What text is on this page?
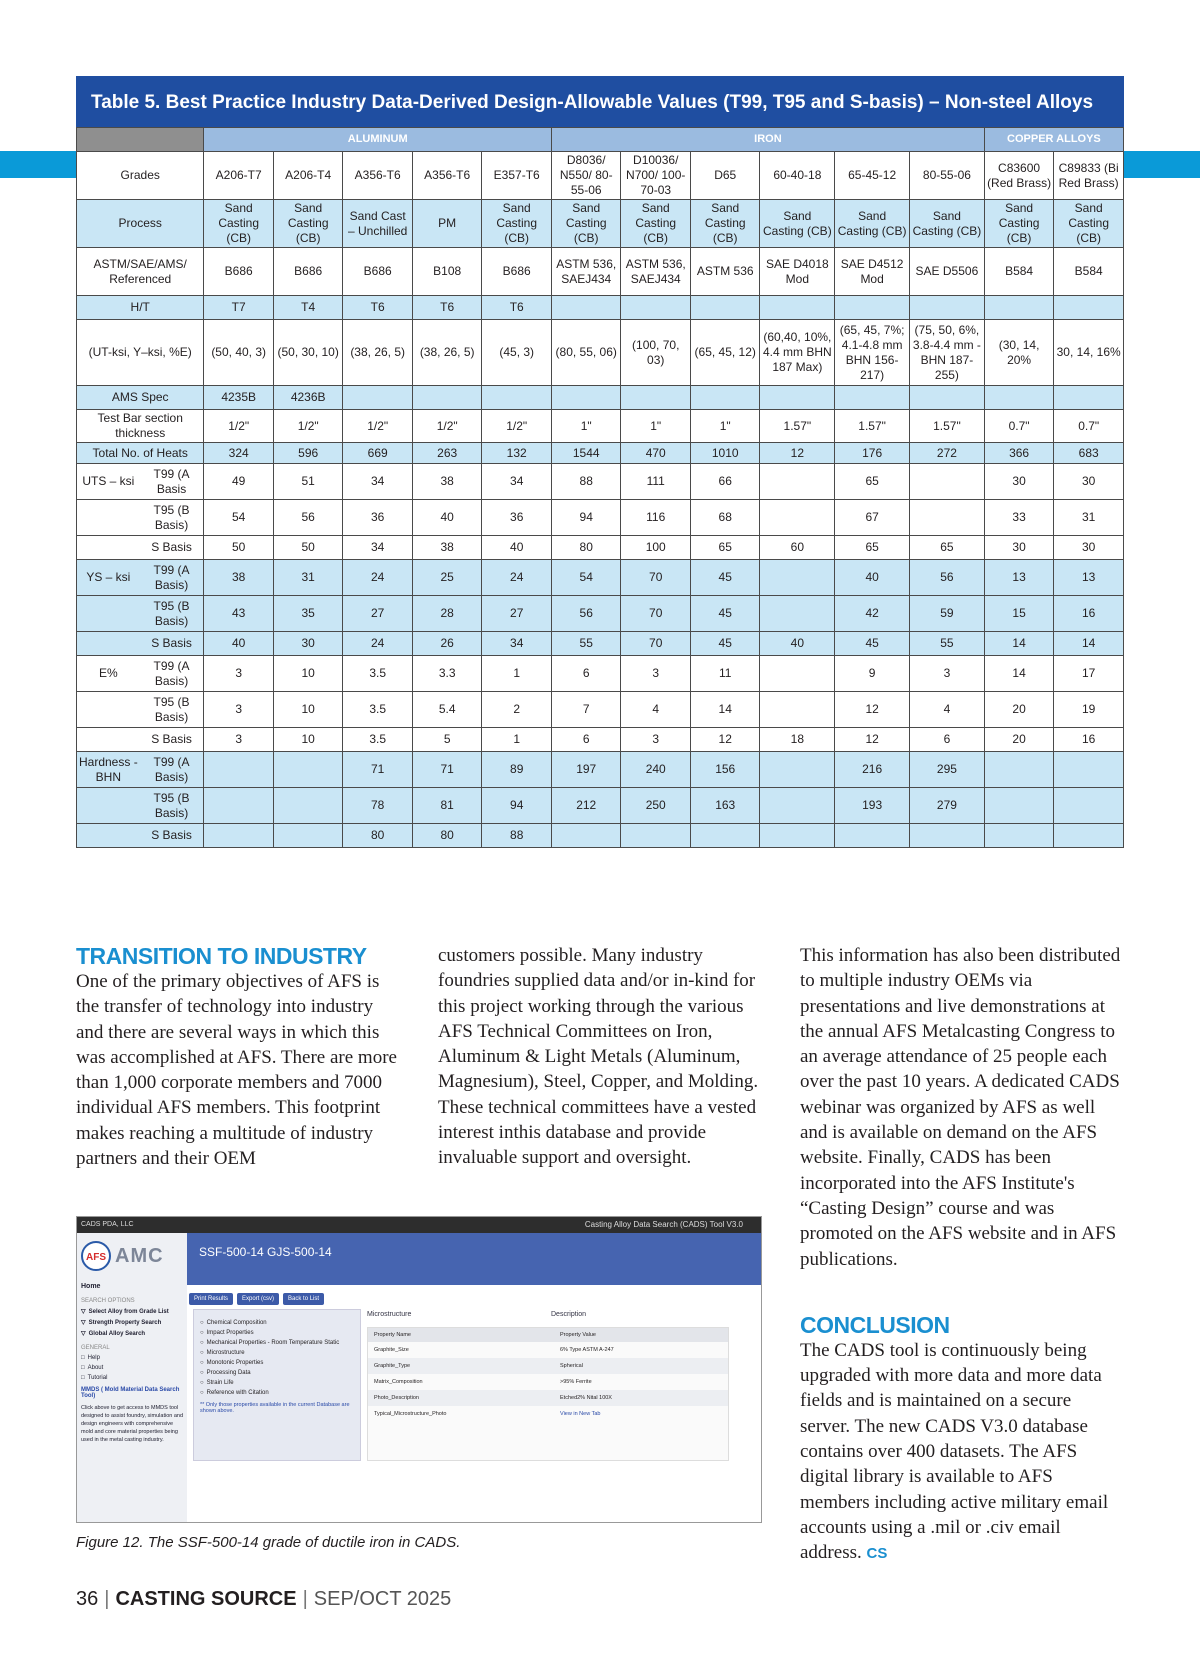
Table 5. Best Practice Industry Data-Derived Design-Allowable Values (T99, T95 and S-basis) – Non-steel Alloys
		ALUMINUM					IRON						COPPER ALLOYS	
Grades		A206-T7	A206-T4	A356-T6	A356-T6	E357-T6	D8036/ N550/ 80-55-06	D10036/ N700/ 100-70-03	D65	60-40-18	65-45-12	80-55-06	C83600 (Red Brass)	C89833 (Bi Red Brass)
Process		Sand Casting (CB)	Sand Casting (CB)	Sand Cast – Unchilled	PM	Sand Casting (CB)	Sand Casting (CB)	Sand Casting (CB)	Sand Casting (CB)	Sand Casting (CB)	Sand Casting (CB)	Sand Casting (CB)	Sand Casting (CB)	Sand Casting (CB)
ASTM/SAE/AMS/ Referenced		B686	B686	B686	B108	B686	ASTM 536, SAEJ434	ASTM 536, SAEJ434	ASTM 536	SAE D4018 Mod	SAE D4512 Mod	SAE D5506	B584	B584
H/T		T7	T4	T6	T6	T6								
(UT-ksi, Y–ksi, %E)		(50, 40, 3)	(50, 30, 10)	(38, 26, 5)	(38, 26, 5)	(45, 3)	(80, 55, 06)	(100, 70, 03)	(65, 45, 12)	(60,40, 10%, 4.4 mm BHN 187 Max)	(65, 45, 7%; 4.1-4.8 mm BHN 156-217)	(75, 50, 6%, 3.8-4.4 mm - BHN 187-255)	(30, 14, 20%	30, 14, 16%
AMS Spec		4235B	4236B											
Test Bar section thickness		1/2"	1/2"	1/2"	1/2"	1/2"	1"	1"	1"	1.57"	1.57"	1.57"	0.7"	0.7"
Total No. of Heats		324	596	669	263	132	1544	470	1010	12	176	272	366	683
UTS – ksi	T99 (A Basis	49	51	34	38	34	88	111	66		65		30	30
	T95 (B Basis)	54	56	36	40	36	94	116	68		67		33	31
	S Basis	50	50	34	38	40	80	100	65	60	65	65	30	30
YS – ksi	T99 (A Basis)	38	31	24	25	24	54	70	45		40	56	13	13
	T95 (B Basis)	43	35	27	28	27	56	70	45		42	59	15	16
	S Basis	40	30	24	26	34	55	70	45	40	45	55	14	14
E%	T99 (A Basis)	3	10	3.5	3.3	1	6	3	11		9	3	14	17
	T95 (B Basis)	3	10	3.5	5.4	2	7	4	14		12	4	20	19
	S Basis	3	10	3.5	5	1	6	3	12	18	12	6	20	16
Hardness - BHN	T99 (A Basis)			71	71	89	197	240	156		216	295		
	T95 (B Basis)			78	81	94	212	250	163		193	279		
	S Basis			80	80	88								
TRANSITION TO INDUSTRY

One of the primary objectives of AFS is the transfer of technology into industry and there are several ways in which this was accomplished at AFS. There are more than 1,000 corporate members and 7000 individual AFS members. This footprint makes reaching a multitude of industry partners and their OEM

customers possible. Many industry foundries supplied data and/or in-kind for this project working through the various AFS Technical Committees on Iron, Aluminum & Light Metals (Aluminum, Magnesium), Steel, Copper, and Molding. These technical committees have a vested interest inthis database and provide invaluable support and oversight.

This information has also been distributed to multiple industry OEMs via presentations and live demonstrations at the annual AFS Metalcasting Congress to an average attendance of 25 people each over the past 10 years. A dedicated CADS webinar was organized by AFS as well and is available on demand on the AFS website. Finally, CADS has been incorporated into the AFS Institute's “Casting Design” course and was promoted on the AFS website and in AFS publications.

CONCLUSION

The CADS tool is continuously being upgraded with more data and more data fields and is maintained on a secure server. The new CADS V3.0 database contains over 400 datasets. The AFS digital library is available to AFS members including active military email accounts using a .mil or .civ email address. CS

CADS PDA, LLC	Casting Alloy Data Search (CADS) Tool V3.0
AFS AMC
Home
SEARCH OPTIONS
▽ Select Alloy from Grade List
▽ Strength Property Search
▽ Global Alloy Search
GENERAL
□ Help
□ About
□ Tutorial
MMDS ( Mold Material Data Search Tool)
Click above to get access to MMDS tool designed to assist foundry, simulation and design engineers with comprehensive mold and core material properties being used in the metal casting industry.
SSF-500-14 GJS-500-14
Print Results Export (csv) Back to List
○ Chemical Composition
○ Impact Properties
○ Mechanical Properties - Room Temperature Static
○ Microstructure
○ Monotonic Properties
○ Processing Data
○ Strain Life
○ Reference with Citation
** Only those properties available in the current Database are shown above.
Microstructure	Description
Property Name	Property Value
Graphite_Size	6% Type ASTM A-247
Graphite_Type	Spherical
Matrix_Composition	>95% Ferrite
Photo_Description	Etched2% Nital 100X
Typical_Microstructure_Photo	View in New Tab
Figure 12. The SSF-500-14 grade of ductile iron in CADS.
36 | CASTING SOURCE | SEP/OCT 2025
